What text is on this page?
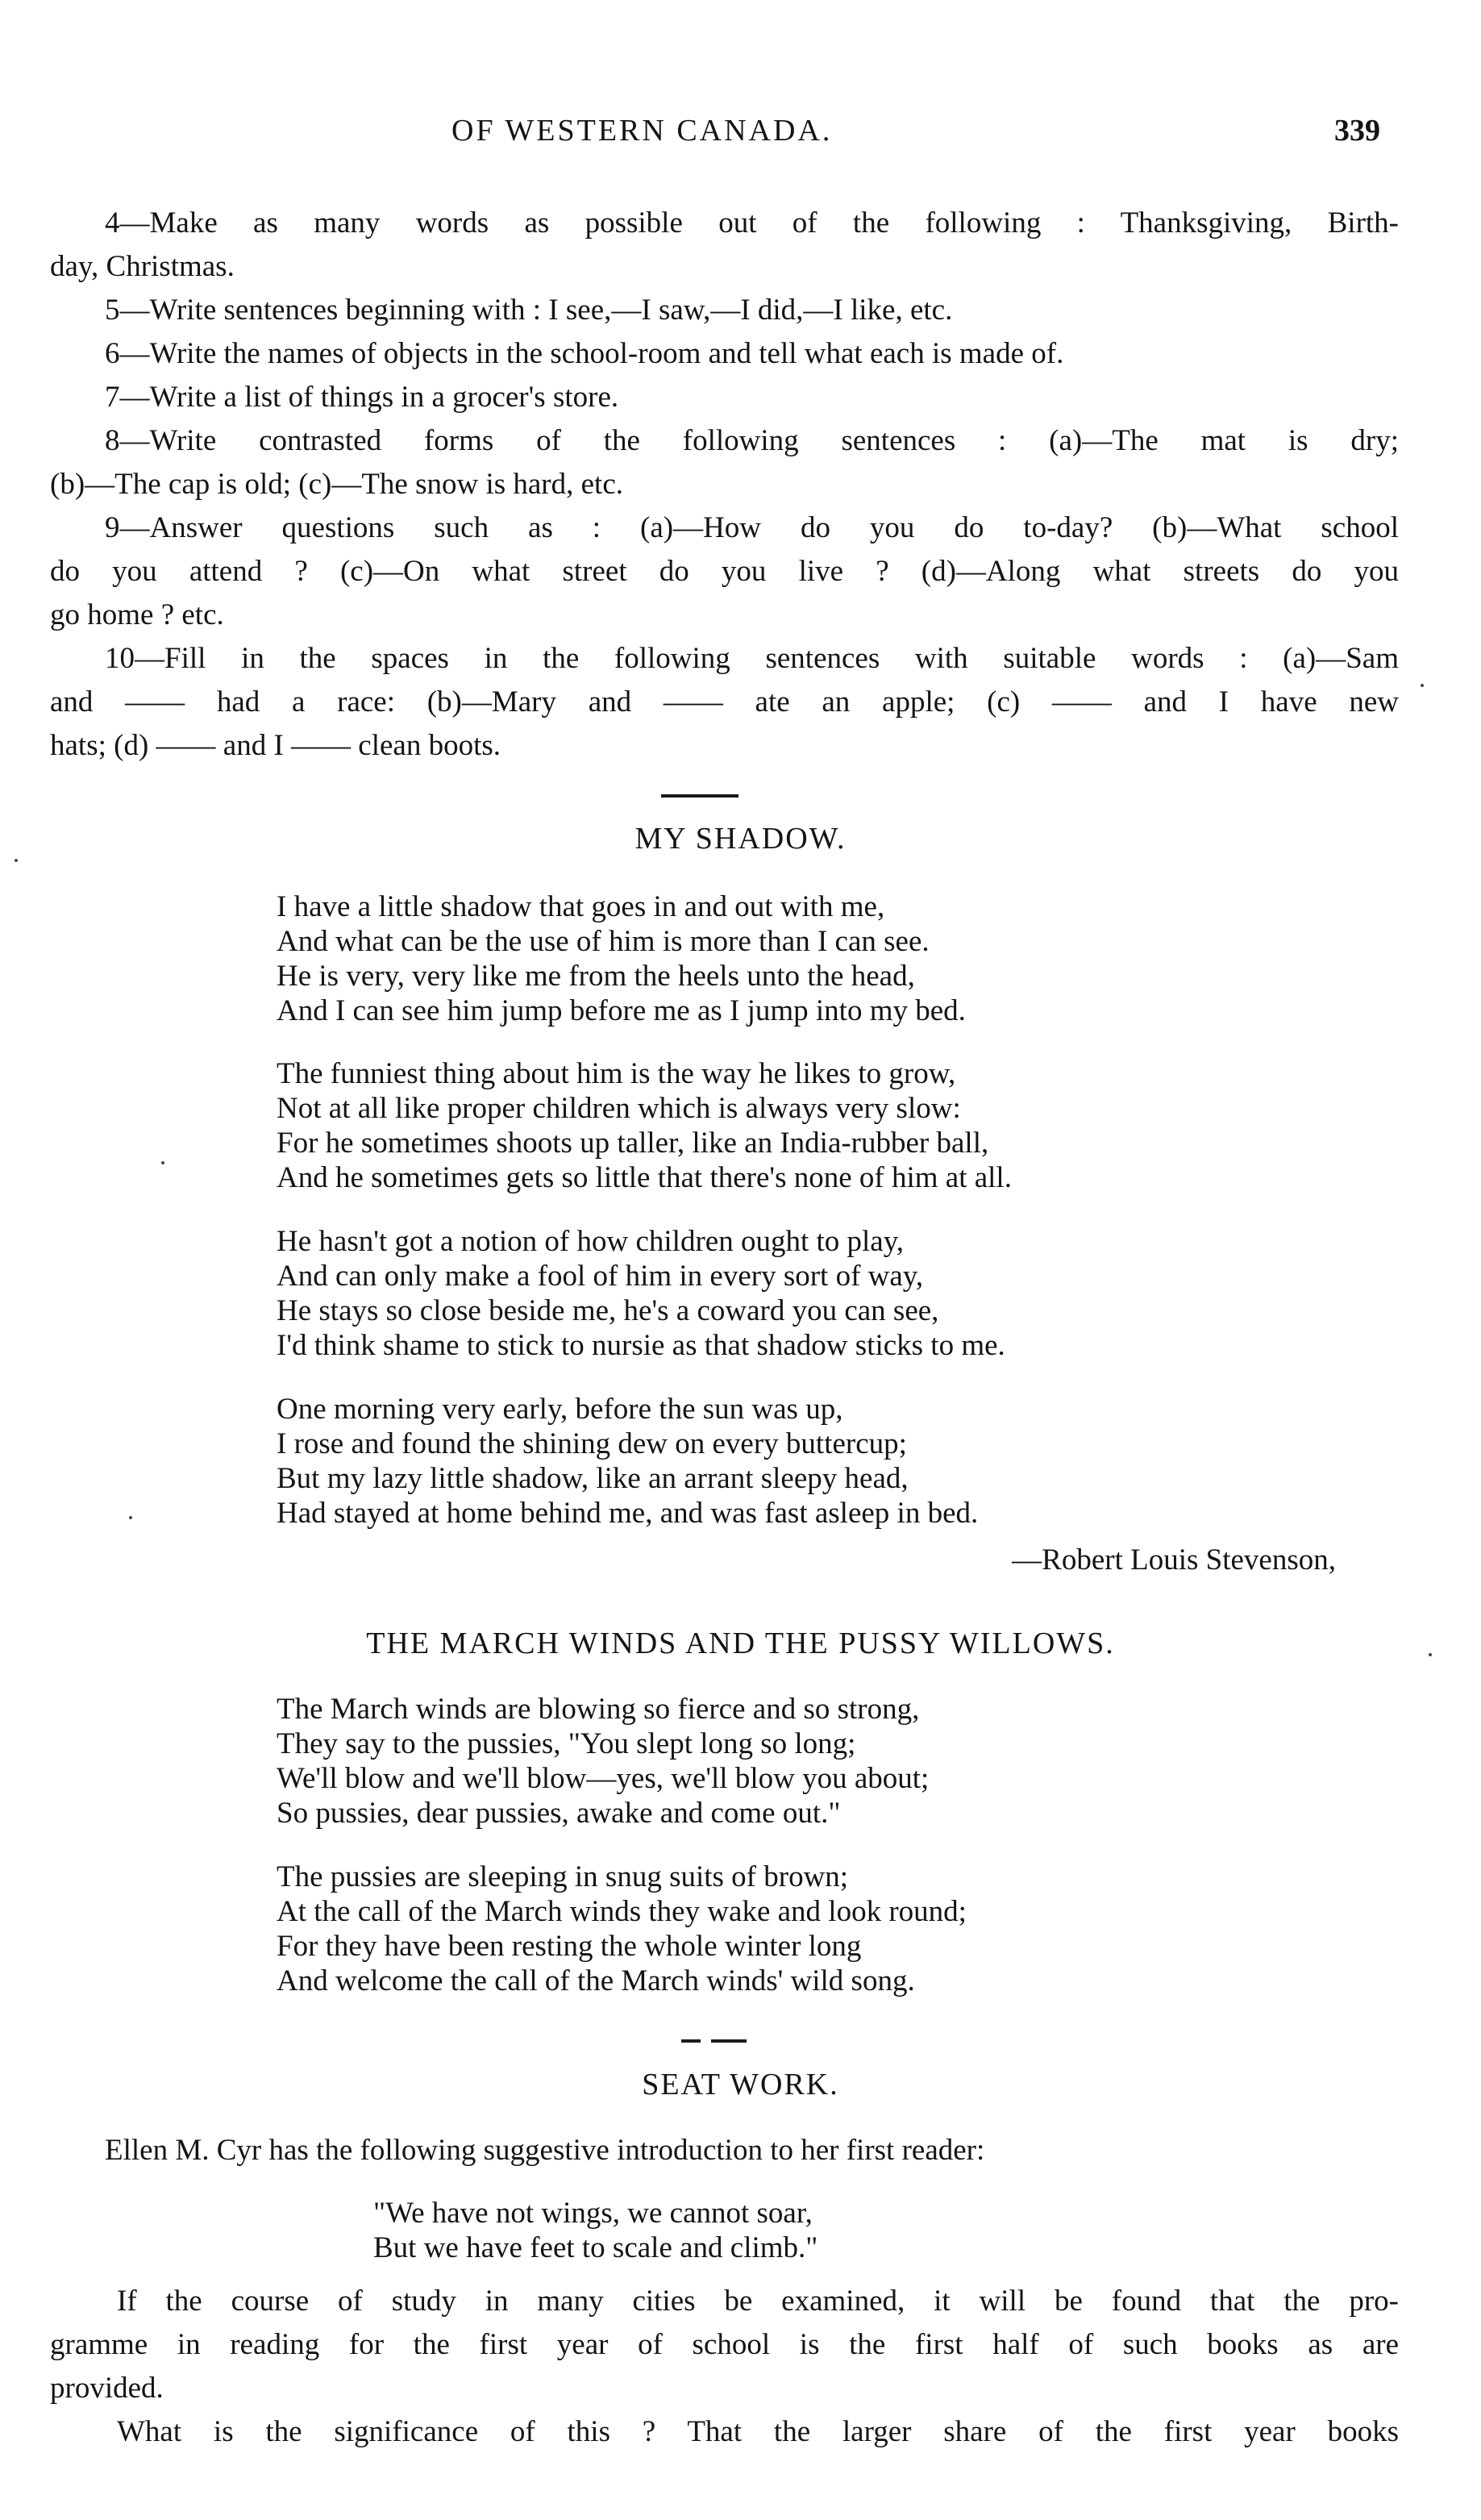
OF WESTERN CANADA.	339
4—Make as many words as possible out of the following : Thanksgiving, Birth-
day, Christmas.
5—Write sentences beginning with : I see,—I saw,—I did,—I like, etc.
6—Write the names of objects in the school-room and tell what each is made of.
7—Write a list of things in a grocer's store.
8—Write contrasted forms of the following sentences : (a)—The mat is dry;
(b)—The cap is old; (c)—The snow is hard, etc.
9—Answer questions such as : (a)—How do you do to-day? (b)—What school
do you attend ? (c)—On what street do you live ? (d)—Along what streets do you
go home ? etc.
10—Fill in the spaces in the following sentences with suitable words : (a)—Sam
and —— had a race: (b)—Mary and —— ate an apple; (c) —— and I have new
hats; (d) —— and I —— clean boots.
MY SHADOW.
I have a little shadow that goes in and out with me,
And what can be the use of him is more than I can see.
He is very, very like me from the heels unto the head,
And I can see him jump before me as I jump into my bed.
The funniest thing about him is the way he likes to grow,
Not at all like proper children which is always very slow:
For he sometimes shoots up taller, like an India-rubber ball,
And he sometimes gets so little that there's none of him at all.
He hasn't got a notion of how children ought to play,
And can only make a fool of him in every sort of way,
He stays so close beside me, he's a coward you can see,
I'd think shame to stick to nursie as that shadow sticks to me.
One morning very early, before the sun was up,
I rose and found the shining dew on every buttercup;
But my lazy little shadow, like an arrant sleepy head,
Had stayed at home behind me, and was fast asleep in bed.
—Robert Louis Stevenson,
THE MARCH WINDS AND THE PUSSY WILLOWS.
The March winds are blowing so fierce and so strong,
They say to the pussies, "You slept long so long;
We'll blow and we'll blow—yes, we'll blow you about;
So pussies, dear pussies, awake and come out."
The pussies are sleeping in snug suits of brown;
At the call of the March winds they wake and look round;
For they have been resting the whole winter long
And welcome the call of the March winds' wild song.
SEAT WORK.
Ellen M. Cyr has the following suggestive introduction to her first reader:
"We have not wings, we cannot soar,
But we have feet to scale and climb."
If the course of study in many cities be examined, it will be found that the pro-
gramme in reading for the first year of school is the first half of such books as are
provided.
What is the significance of this ? That the larger share of the first year books
